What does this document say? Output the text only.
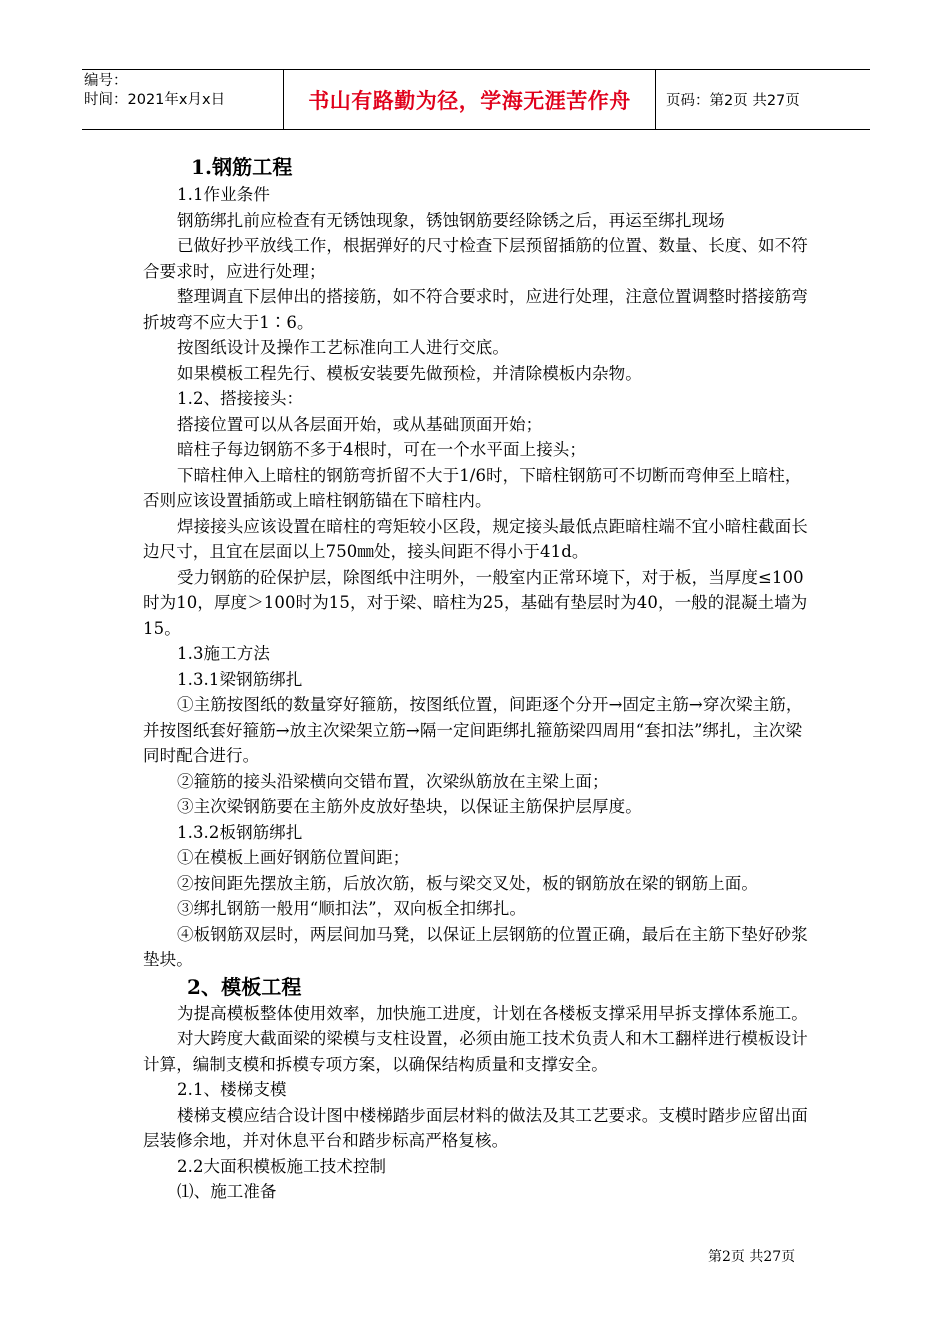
编号：
时间：2021年x月x日	书山有路勤为径，学海无涯苦作舟	页码：第2页 共27页

1.钢筋工程

1.1作业条件

钢筋绑扎前应检查有无锈蚀现象，锈蚀钢筋要经除锈之后，再运至绑扎现场

已做好抄平放线工作，根据弹好的尺寸检查下层预留插筋的位置、数量、长度、如不符合要求时，应进行处理；

整理调直下层伸出的搭接筋，如不符合要求时，应进行处理，注意位置调整时搭接筋弯折坡弯不应大于1∶6。

按图纸设计及操作工艺标准向工人进行交底。

如果模板工程先行、模板安装要先做预检，并清除模板内杂物。

1.2、搭接接头：

搭接位置可以从各层面开始，或从基础顶面开始；

暗柱子每边钢筋不多于4根时，可在一个水平面上接头；

下暗柱伸入上暗柱的钢筋弯折留不大于1/6时，下暗柱钢筋可不切断而弯伸至上暗柱，否则应该设置插筋或上暗柱钢筋锚在下暗柱内。

焊接接头应该设置在暗柱的弯矩较小区段，规定接头最低点距暗柱端不宜小暗柱截面长边尺寸，且宜在层面以上750㎜处，接头间距不得小于41d。

受力钢筋的砼保护层，除图纸中注明外，一般室内正常环境下，对于板，当厚度≤100时为10，厚度＞100时为15，对于梁、暗柱为25，基础有垫层时为40，一般的混凝土墙为15。

1.3施工方法

1.3.1梁钢筋绑扎

①主筋按图纸的数量穿好箍筋，按图纸位置，间距逐个分开→固定主筋→穿次梁主筋，并按图纸套好箍筋→放主次梁架立筋→隔一定间距绑扎箍筋梁四周用“套扣法”绑扎，主次梁同时配合进行。

②箍筋的接头沿梁横向交错布置，次梁纵筋放在主梁上面；

③主次梁钢筋要在主筋外皮放好垫块，以保证主筋保护层厚度。

1.3.2板钢筋绑扎

①在模板上画好钢筋位置间距；

②按间距先摆放主筋，后放次筋，板与梁交叉处，板的钢筋放在梁的钢筋上面。

③绑扎钢筋一般用“顺扣法”，双向板全扣绑扎。

④板钢筋双层时，两层间加马凳，以保证上层钢筋的位置正确，最后在主筋下垫好砂浆垫块。

2、模板工程

为提高模板整体使用效率，加快施工进度，计划在各楼板支撑采用早拆支撑体系施工。

对大跨度大截面梁的梁模与支柱设置，必须由施工技术负责人和木工翻样进行模板设计计算，编制支模和拆模专项方案，以确保结构质量和支撑安全。

2.1、楼梯支模

楼梯支模应结合设计图中楼梯踏步面层材料的做法及其工艺要求。支模时踏步应留出面层装修余地，并对休息平台和踏步标高严格复核。

2.2大面积模板施工技术控制

⑴、施工准备

第2页 共27页
